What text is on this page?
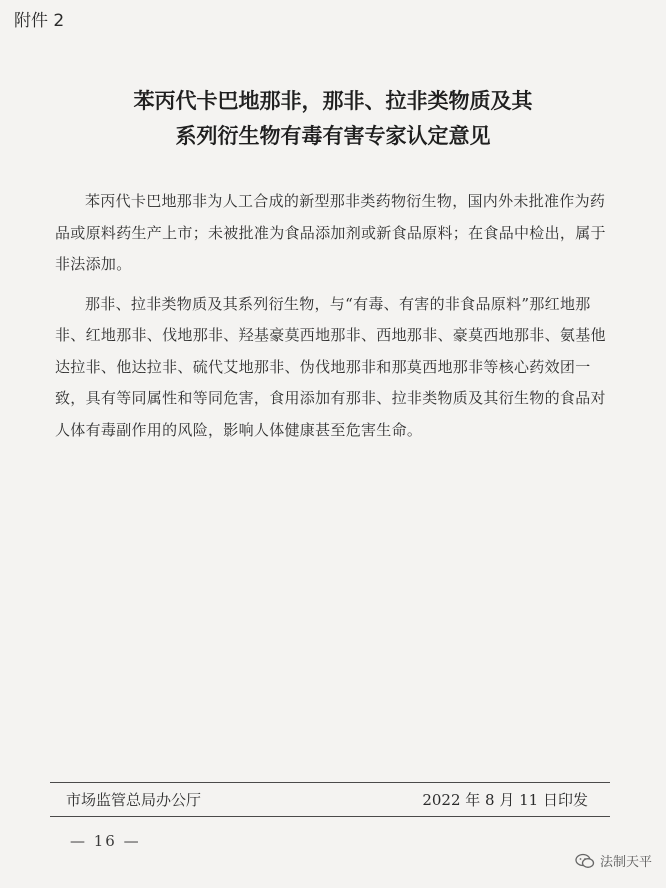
附件 2
苯丙代卡巴地那非，那非、拉非类物质及其
系列衍生物有毒有害专家认定意见

苯丙代卡巴地那非为人工合成的新型那非类药物衍生物，国内外未批准作为药品或原料药生产上市；未被批准为食品添加剂或新食品原料；在食品中检出，属于非法添加。

那非、拉非类物质及其系列衍生物，与“有毒、有害的非食品原料”那红地那非、红地那非、伐地那非、羟基豪莫西地那非、西地那非、豪莫西地那非、氨基他达拉非、他达拉非、硫代艾地那非、伪伐地那非和那莫西地那非等核心药效团一致，具有等同属性和等同危害，食用添加有那非、拉非类物质及其衍生物的食品对人体有毒副作用的风险，影响人体健康甚至危害生命。

市场监管总局办公厅	2022 年 8 月 11 日印发
— 16 —
法制天平
